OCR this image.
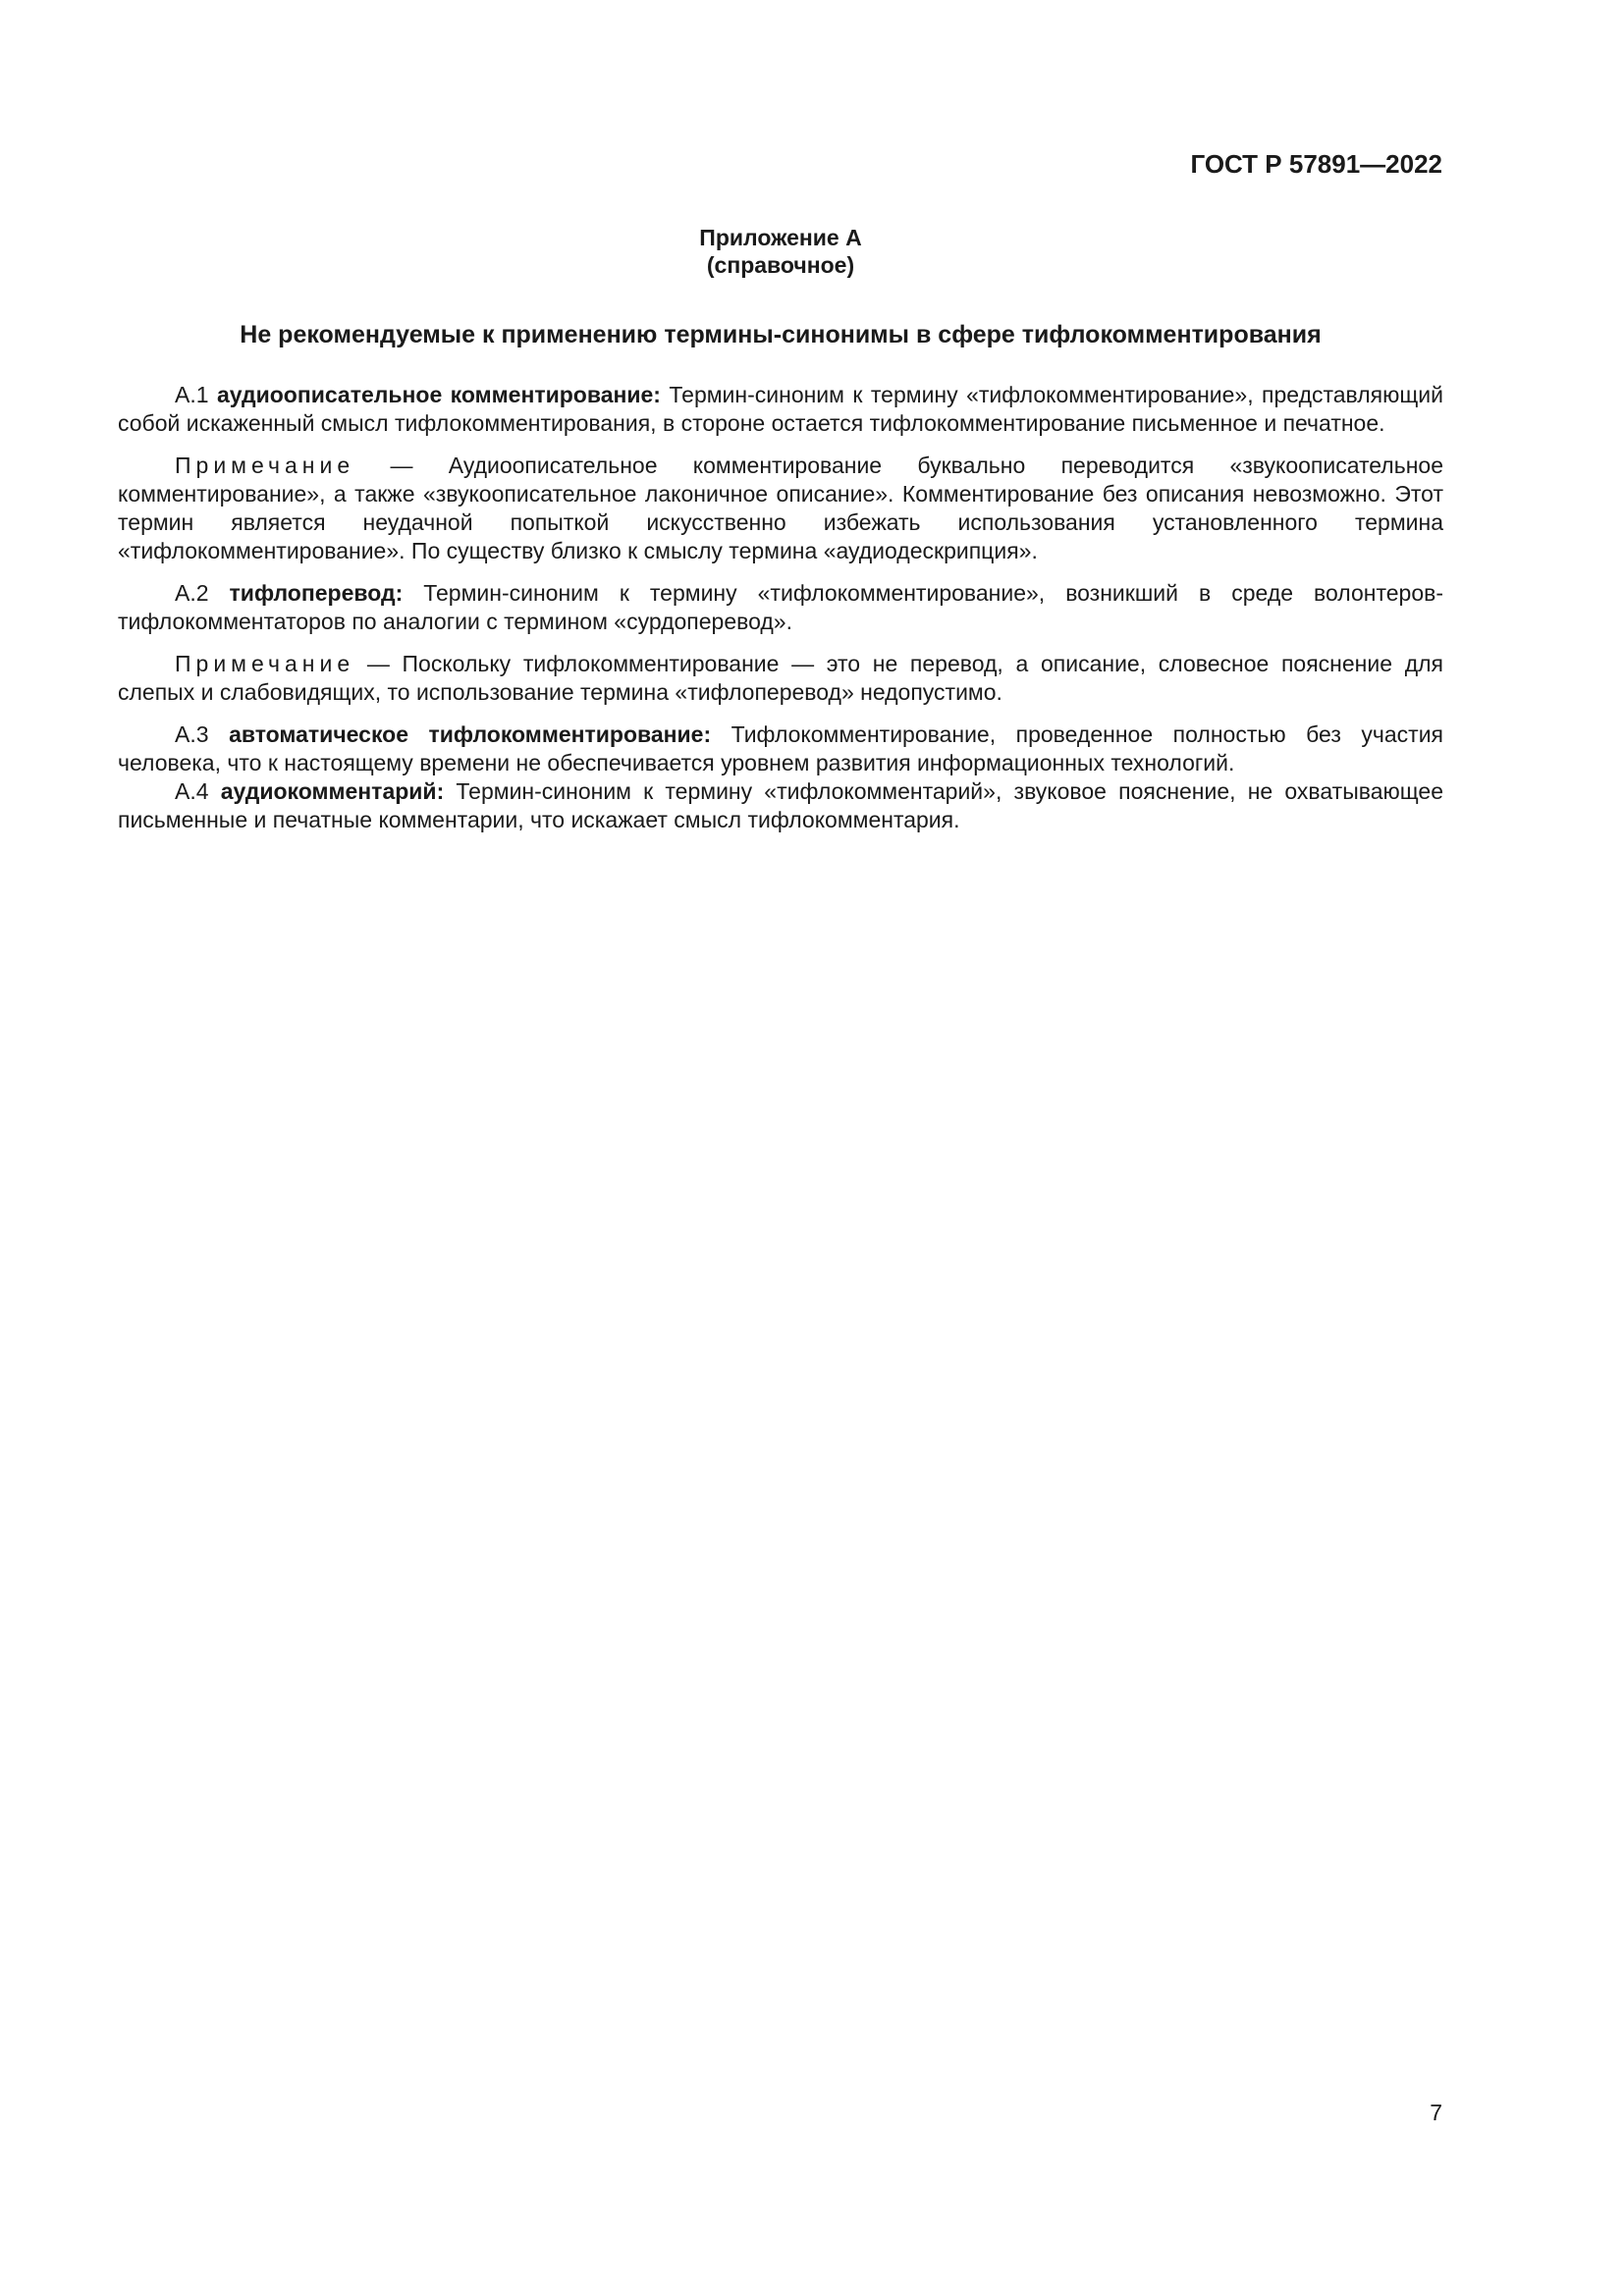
ГОСТ Р 57891—2022

Приложение А
(справочное)
Не рекомендуемые к применению термины-синонимы в сфере тифлокомментирования

А.1 аудиоописательное комментирование: Термин-синоним к термину «тифлокомментирование», представляющий собой искаженный смысл тифлокомментирования, в стороне остается тифлокомментирование письменное и печатное.

Примечание — Аудиоописательное комментирование буквально переводится «звукоописательное комментирование», а также «звукоописательное лаконичное описание». Комментирование без описания невозможно. Этот термин является неудачной попыткой искусственно избежать использования установленного термина «тифлокомментирование». По существу близко к смыслу термина «аудиодескрипция».

А.2 тифлоперевод: Термин-синоним к термину «тифлокомментирование», возникший в среде волонтеров-тифлокомментаторов по аналогии с термином «сурдоперевод».

Примечание — Поскольку тифлокомментирование — это не перевод, а описание, словесное пояснение для слепых и слабовидящих, то использование термина «тифлоперевод» недопустимо.

А.3 автоматическое тифлокомментирование: Тифлокомментирование, проведенное полностью без участия человека, что к настоящему времени не обеспечивается уровнем развития информационных технологий.

А.4 аудиокомментарий: Термин-синоним к термину «тифлокомментарий», звуковое пояснение, не охватывающее письменные и печатные комментарии, что искажает смысл тифлокомментария.

7
